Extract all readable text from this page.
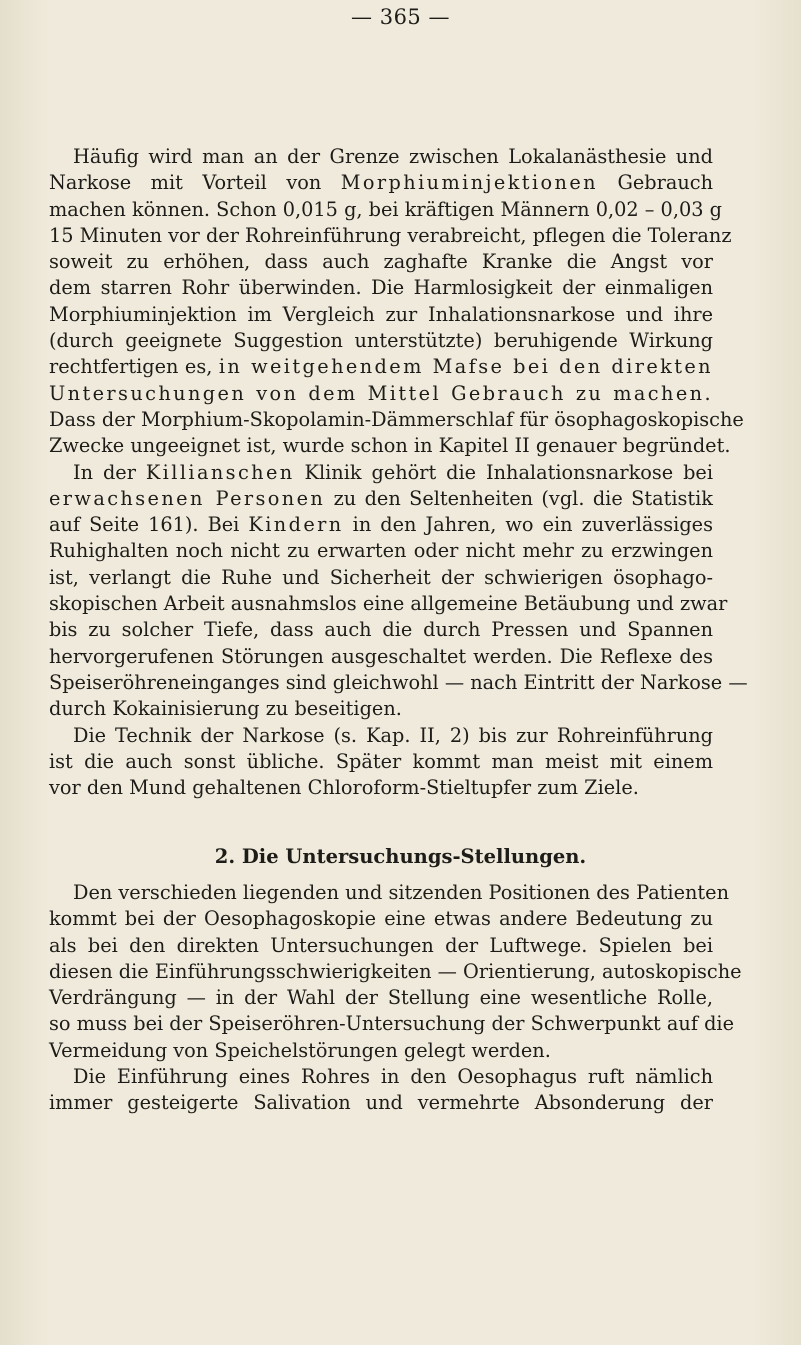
— 365 —
Häufig wird man an der Grenze zwischen Lokalanästhesie und
Narkose mit Vorteil von Morphiuminjektionen Gebrauch
machen können. Schon 0,015 g, bei kräftigen Männern 0,02 – 0,03 g
15 Minuten vor der Rohreinführung verabreicht, pflegen die Toleranz
soweit zu erhöhen, dass auch zaghafte Kranke die Angst vor
dem starren Rohr überwinden. Die Harmlosigkeit der einmaligen
Morphiuminjektion im Vergleich zur Inhalationsnarkose und ihre
(durch geeignete Suggestion unterstützte) beruhigende Wirkung
rechtfertigen es, in weitgehendem Mafse bei den direkten
Untersuchungen von dem Mittel Gebrauch zu machen.
Dass der Morphium-Skopolamin-Dämmerschlaf für ösophagoskopische
Zwecke ungeeignet ist, wurde schon in Kapitel II genauer begründet.
In der Killianschen Klinik gehört die Inhalationsnarkose bei
erwachsenen Personen zu den Seltenheiten (vgl. die Statistik
auf Seite 161). Bei Kindern in den Jahren, wo ein zuverlässiges
Ruhighalten noch nicht zu erwarten oder nicht mehr zu erzwingen
ist, verlangt die Ruhe und Sicherheit der schwierigen ösophago-
skopischen Arbeit ausnahmslos eine allgemeine Betäubung und zwar
bis zu solcher Tiefe, dass auch die durch Pressen und Spannen
hervorgerufenen Störungen ausgeschaltet werden. Die Reflexe des
Speiseröhreneinganges sind gleichwohl — nach Eintritt der Narkose —
durch Kokainisierung zu beseitigen.
Die Technik der Narkose (s. Kap. II, 2) bis zur Rohreinführung
ist die auch sonst übliche. Später kommt man meist mit einem
vor den Mund gehaltenen Chloroform-Stieltupfer zum Ziele.
2. Die Untersuchungs-Stellungen.
Den verschieden liegenden und sitzenden Positionen des Patienten
kommt bei der Oesophagoskopie eine etwas andere Bedeutung zu
als bei den direkten Untersuchungen der Luftwege. Spielen bei
diesen die Einführungsschwierigkeiten — Orientierung, autoskopische
Verdrängung — in der Wahl der Stellung eine wesentliche Rolle,
so muss bei der Speiseröhren-Untersuchung der Schwerpunkt auf die
Vermeidung von Speichelstörungen gelegt werden.
Die Einführung eines Rohres in den Oesophagus ruft nämlich
immer gesteigerte Salivation und vermehrte Absonderung der
